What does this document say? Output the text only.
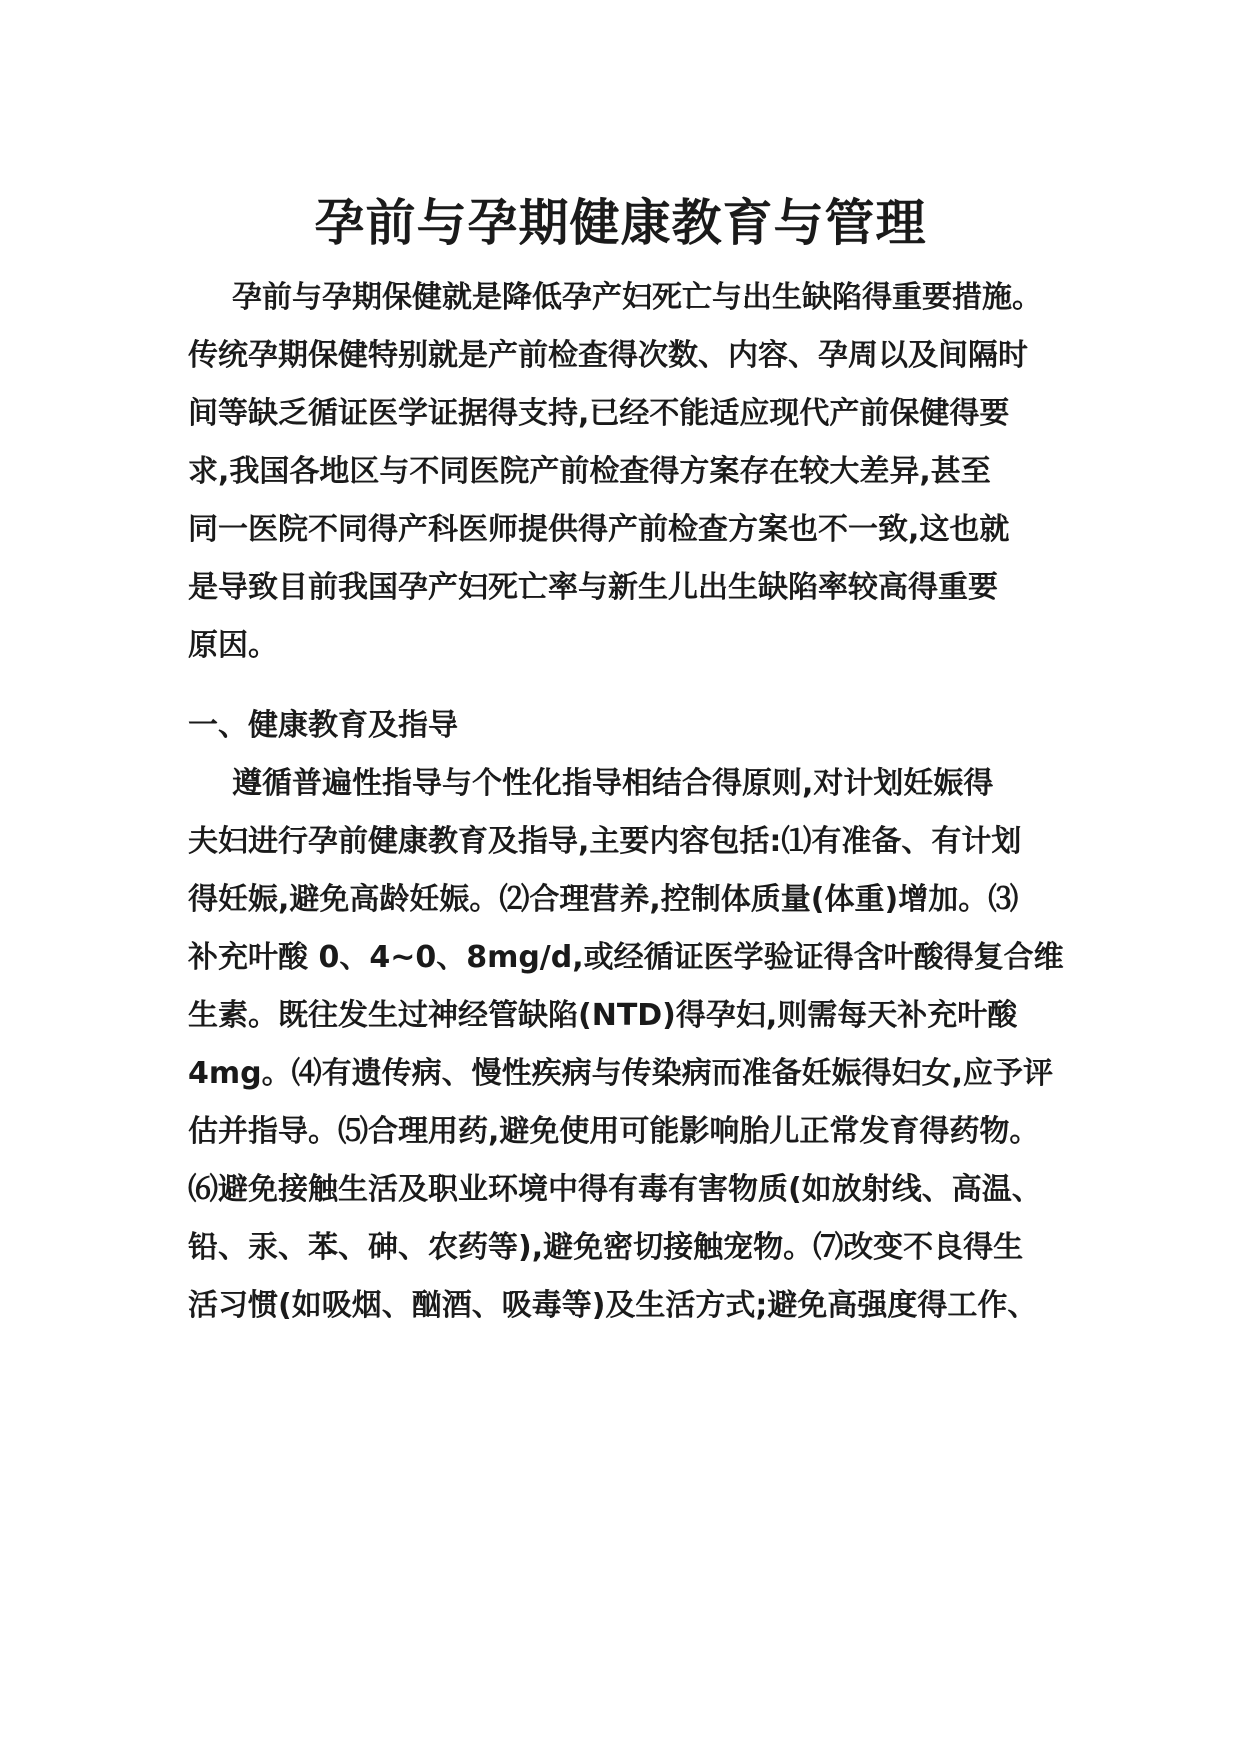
孕前与孕期健康教育与管理
孕前与孕期保健就是降低孕产妇死亡与出生缺陷得重要措施。
传统孕期保健特别就是产前检查得次数、内容、孕周以及间隔时
间等缺乏循证医学证据得支持,已经不能适应现代产前保健得要
求,我国各地区与不同医院产前检查得方案存在较大差异,甚至
同一医院不同得产科医师提供得产前检查方案也不一致,这也就
是导致目前我国孕产妇死亡率与新生儿出生缺陷率较高得重要
原因。
一、健康教育及指导
遵循普遍性指导与个性化指导相结合得原则,对计划妊娠得
夫妇进行孕前健康教育及指导,主要内容包括:⑴有准备、有计划
得妊娠,避免高龄妊娠。⑵合理营养,控制体质量(体重)增加。⑶
补充叶酸 0、4~0、8mg/d,或经循证医学验证得含叶酸得复合维
生素。既往发生过神经管缺陷(NTD)得孕妇,则需每天补充叶酸
4mg。⑷有遗传病、慢性疾病与传染病而准备妊娠得妇女,应予评
估并指导。⑸合理用药,避免使用可能影响胎儿正常发育得药物。
⑹避免接触生活及职业环境中得有毒有害物质(如放射线、高温、
铅、汞、苯、砷、农药等),避免密切接触宠物。⑺改变不良得生
活习惯(如吸烟、酗酒、吸毒等)及生活方式;避免高强度得工作、
